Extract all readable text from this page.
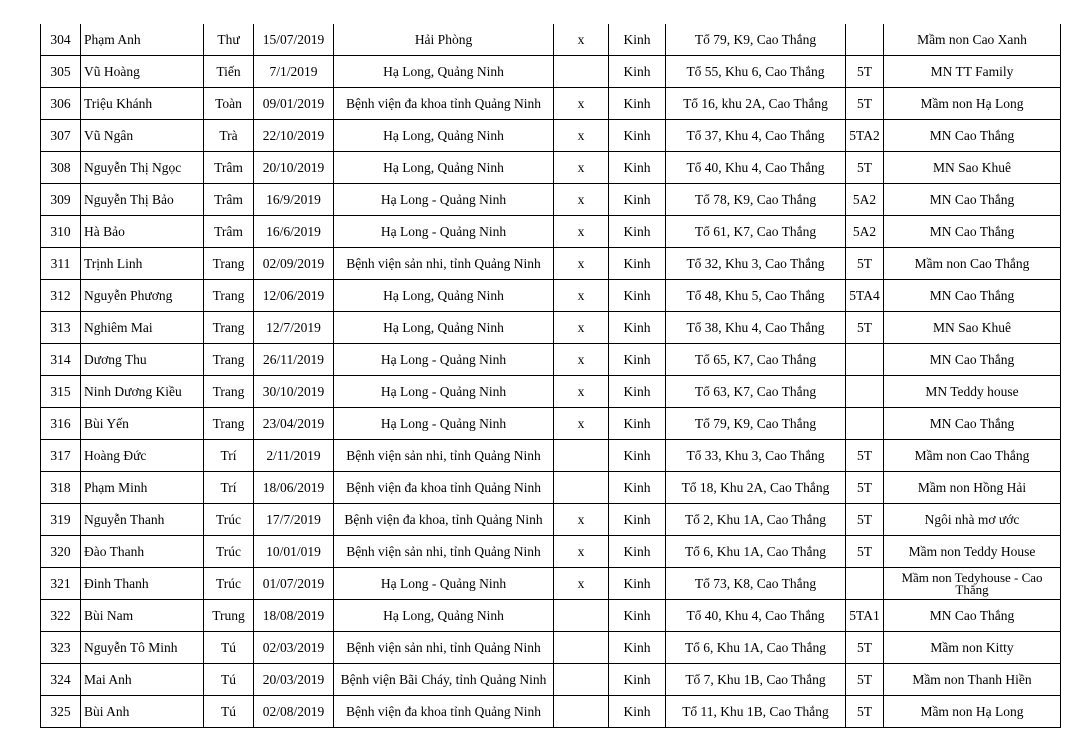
304	Phạm Anh	Thư	15/07/2019	Hải Phòng	x	Kinh	Tổ 79, K9, Cao Thắng		Mầm non Cao Xanh
305	Vũ Hoàng	Tiến	7/1/2019	Hạ Long, Quảng Ninh		Kinh	Tổ 55, Khu 6, Cao Thắng	5T	MN TT Family
306	Triệu Khánh	Toàn	09/01/2019	Bệnh viện đa khoa tỉnh Quảng Ninh	x	Kinh	Tổ 16, khu 2A, Cao Thắng	5T	Mầm non Hạ Long
307	Vũ Ngân	Trà	22/10/2019	Hạ Long, Quảng Ninh	x	Kinh	Tổ 37, Khu 4, Cao Thắng	5TA2	MN Cao Thắng
308	Nguyễn Thị Ngọc	Trâm	20/10/2019	Hạ Long, Quảng Ninh	x	Kinh	Tổ 40, Khu 4, Cao Thắng	5T	MN Sao Khuê
309	Nguyễn Thị Bảo	Trâm	16/9/2019	Hạ Long - Quảng Ninh	x	Kinh	Tổ 78, K9, Cao Thắng	5A2	MN Cao Thắng
310	Hà Bảo	Trâm	16/6/2019	Hạ Long - Quảng Ninh	x	Kinh	Tổ 61, K7, Cao Thắng	5A2	MN Cao Thắng
311	Trịnh Linh	Trang	02/09/2019	Bệnh viện sản nhi, tỉnh Quảng Ninh	x	Kinh	Tổ 32, Khu 3, Cao Thắng	5T	Mầm non Cao Thắng
312	Nguyễn Phương	Trang	12/06/2019	Hạ Long, Quảng Ninh	x	Kinh	Tổ 48, Khu 5, Cao Thắng	5TA4	MN Cao Thắng
313	Nghiêm Mai	Trang	12/7/2019	Hạ Long, Quảng Ninh	x	Kinh	Tổ 38, Khu 4, Cao Thắng	5T	MN Sao Khuê
314	Dương Thu	Trang	26/11/2019	Hạ Long - Quảng Ninh	x	Kinh	Tổ 65, K7, Cao Thắng		MN Cao Thắng
315	Ninh Dương Kiều	Trang	30/10/2019	Hạ Long - Quảng Ninh	x	Kinh	Tổ 63, K7, Cao Thắng		MN Teddy house
316	Bùi Yến	Trang	23/04/2019	Hạ Long - Quảng Ninh	x	Kinh	Tổ 79, K9, Cao Thắng		MN Cao Thắng
317	Hoàng Đức	Trí	2/11/2019	Bệnh viện sản nhi, tỉnh Quảng Ninh		Kinh	Tổ 33, Khu 3, Cao Thắng	5T	Mầm non Cao Thắng
318	Phạm Minh	Trí	18/06/2019	Bệnh viện đa khoa tỉnh Quảng Ninh		Kinh	Tổ 18, Khu 2A, Cao Thắng	5T	Mầm non Hồng Hải
319	Nguyễn Thanh	Trúc	17/7/2019	Bệnh viện đa khoa, tỉnh Quảng Ninh	x	Kinh	Tổ 2, Khu 1A, Cao Thắng	5T	Ngôi nhà mơ ước
320	Đào Thanh	Trúc	10/01/019	Bệnh viện sản nhi, tỉnh Quảng Ninh	x	Kinh	Tổ 6, Khu 1A, Cao Thắng	5T	Mầm non Teddy House
321	Đinh Thanh	Trúc	01/07/2019	Hạ Long - Quảng Ninh	x	Kinh	Tổ 73, K8, Cao Thắng		Mầm non Tedyhouse - Cao Thắng
322	Bùi Nam	Trung	18/08/2019	Hạ Long, Quảng Ninh		Kinh	Tổ 40, Khu 4, Cao Thắng	5TA1	MN Cao Thắng
323	Nguyễn Tô Minh	Tú	02/03/2019	Bệnh viện sản nhi, tỉnh Quảng Ninh		Kinh	Tổ 6, Khu 1A, Cao Thắng	5T	Mầm non Kitty
324	Mai Anh	Tú	20/03/2019	Bệnh viện Bãi Cháy, tỉnh Quảng Ninh		Kinh	Tổ 7, Khu 1B, Cao Thắng	5T	Mầm non Thanh Hiền
325	Bùi Anh	Tú	02/08/2019	Bệnh viện đa khoa tỉnh Quảng Ninh		Kinh	Tổ 11, Khu 1B, Cao Thắng	5T	Mầm non Hạ Long
